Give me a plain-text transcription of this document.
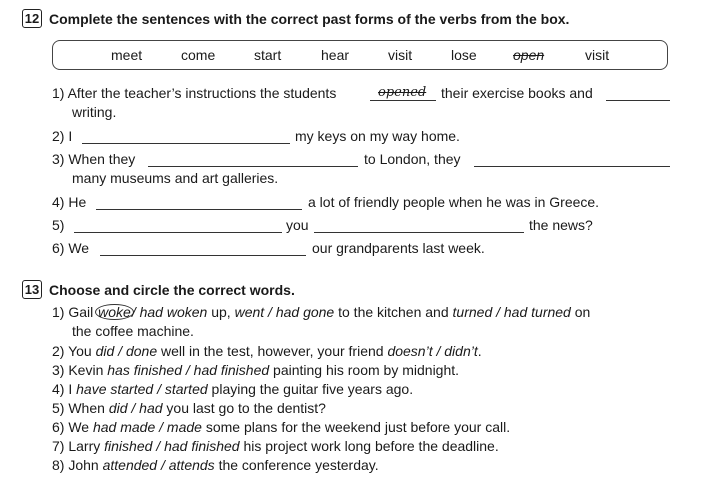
12 Complete the sentences with the correct past forms of the verbs from the box.
meet	come	start	hear	visit	lose	open	visit
1) After the teacher’s instructions the students	opened their exercise books and
writing.
2) I	my keys on my way home.
3) When they	to London, they
many museums and art galleries.
4) He	a lot of friendly people when he was in Greece.
5)	you	the news?
6) We	our grandparents last week.
13 Choose and circle the correct words.
1) Gail woke/ had woken up, went / had gone to the kitchen and turned / had turned on
the coffee machine.
2) You did / done well in the test, however, your friend doesn’t / didn’t.
3) Kevin has finished / had finished painting his room by midnight.
4) I have started / started playing the guitar five years ago.
5) When did / had you last go to the dentist?
6) We had made / made some plans for the weekend just before your call.
7) Larry finished / had finished his project work long before the deadline.
8) John attended / attends the conference yesterday.
